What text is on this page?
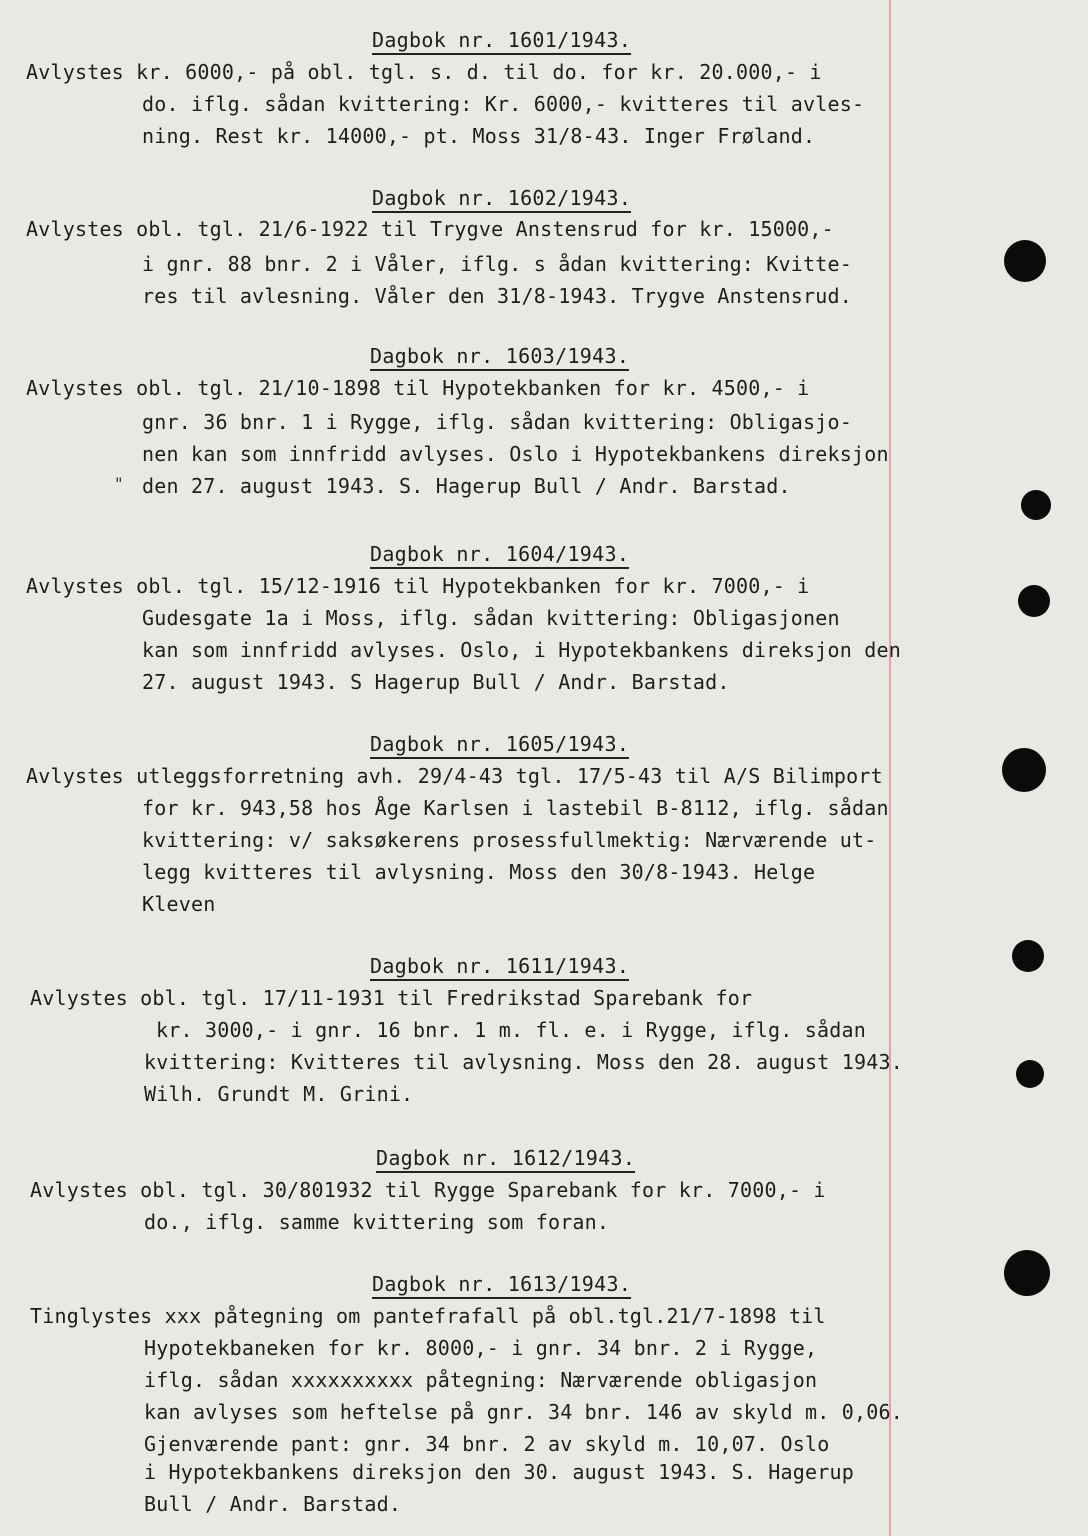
Dagbok nr. 1601/1943.
Avlystes kr. 6000,- på obl. tgl. s. d. til do. for kr. 20.000,- i
do. iflg. sådan kvittering: Kr. 6000,- kvitteres til avles-
ning. Rest kr. 14000,- pt. Moss 31/8-43. Inger Frøland.
Dagbok nr. 1602/1943.
Avlystes obl. tgl. 21/6-1922 til Trygve Anstensrud for kr. 15000,-
i gnr. 88 bnr. 2 i Våler, iflg. s ådan kvittering: Kvitte-
res til avlesning. Våler den 31/8-1943. Trygve Anstensrud.
Dagbok nr. 1603/1943.
Avlystes obl. tgl. 21/10-1898 til Hypotekbanken for kr. 4500,- i
gnr. 36 bnr. 1 i Rygge, iflg. sådan kvittering: Obligasjo-
nen kan som innfridd avlyses. Oslo i Hypotekbankens direksjon
" den 27. august 1943. S. Hagerup Bull / Andr. Barstad.
Dagbok nr. 1604/1943.
Avlystes obl. tgl. 15/12-1916 til Hypotekbanken for kr. 7000,- i
Gudesgate 1a i Moss, iflg. sådan kvittering: Obligasjonen
kan som innfridd avlyses. Oslo, i Hypotekbankens direksjon den
27. august 1943. S Hagerup Bull / Andr. Barstad.
Dagbok nr. 1605/1943.
Avlystes utleggsforretning avh. 29/4-43 tgl. 17/5-43 til A/S Bilimport
for kr. 943,58 hos Åge Karlsen i lastebil B-8112, iflg. sådan
kvittering: v/ saksøkerens prosessfullmektig: Nærværende ut-
legg kvitteres til avlysning. Moss den 30/8-1943. Helge
Kleven
Dagbok nr. 1611/1943.
Avlystes obl. tgl. 17/11-1931 til Fredrikstad Sparebank for
kr. 3000,- i gnr. 16 bnr. 1 m. fl. e. i Rygge, iflg. sådan
kvittering: Kvitteres til avlysning. Moss den 28. august 1943.
Wilh. Grundt M. Grini.
Dagbok nr. 1612/1943.
Avlystes obl. tgl. 30/801932 til Rygge Sparebank for kr. 7000,- i
do., iflg. samme kvittering som foran.
Dagbok nr. 1613/1943.
Tinglystes xxx påtegning om pantefrafall på obl.tgl.21/7-1898 til
Hypotekbaneken for kr. 8000,- i gnr. 34 bnr. 2 i Rygge,
iflg. sådan xxxxxxxxxx påtegning: Nærværende obligasjon
kan avlyses som heftelse på gnr. 34 bnr. 146 av skyld m. 0,06.
Gjenværende pant: gnr. 34 bnr. 2 av skyld m. 10,07. Oslo
i Hypotekbankens direksjon den 30. august 1943. S. Hagerup
Bull / Andr. Barstad.
